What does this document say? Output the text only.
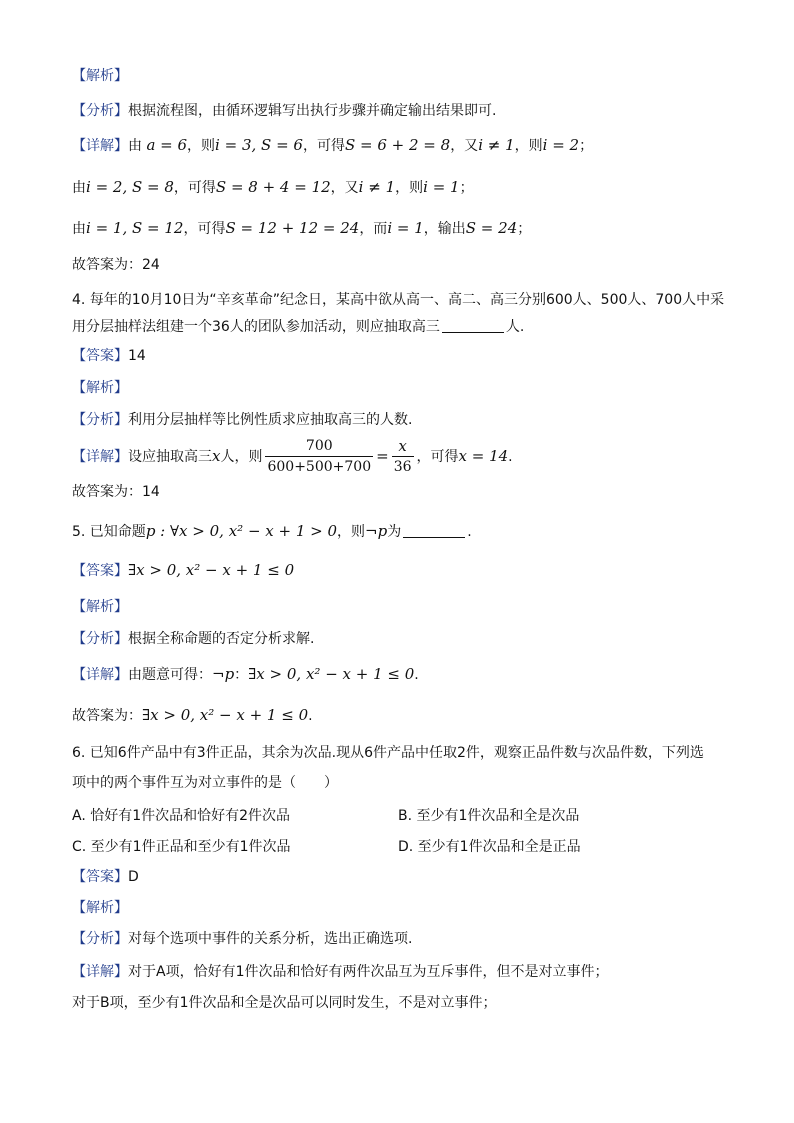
【解析】
【分析】根据流程图，由循环逻辑写出执行步骤并确定输出结果即可.
【详解】由 a = 6，则i = 3, S = 6，可得S = 6 + 2 = 8，又i ≠ 1，则i = 2；
由i = 2, S = 8，可得S = 8 + 4 = 12，又i ≠ 1，则i = 1；
由i = 1, S = 12，可得S = 12 + 12 = 24，而i = 1，输出S = 24；
故答案为：24
4. 每年的10月10日为“辛亥革命”纪念日，某高中欲从高一、高二、高三分别600人、500人、700人中采
用分层抽样法组建一个36人的团队参加活动，则应抽取高三	人.
【答案】14
【解析】
【分析】利用分层抽样等比例性质求应抽取高三的人数.
【详解】设应抽取高三x人，则 $\frac{700}{600+500+700} = \frac{x}{36}$ ，可得x = 14.
故答案为：14
5. 已知命题p : ∀x > 0, x² − x + 1 > 0，则¬p为	.
【答案】∃x > 0, x² − x + 1 ≤ 0
【解析】
【分析】根据全称命题的否定分析求解.
【详解】由题意可得：¬p：∃x > 0, x² − x + 1 ≤ 0.
故答案为：∃x > 0, x² − x + 1 ≤ 0.
6. 已知6件产品中有3件正品，其余为次品.现从6件产品中任取2件，观察正品件数与次品件数，下列选
项中的两个事件互为对立事件的是（　　）
A. 恰好有1件次品和恰好有2件次品	B. 至少有1件次品和全是次品
C. 至少有1件正品和至少有1件次品	D. 至少有1件次品和全是正品
【答案】D
【解析】
【分析】对每个选项中事件的关系分析，选出正确选项.
【详解】对于A项，恰好有1件次品和恰好有两件次品互为互斥事件，但不是对立事件；
对于B项，至少有1件次品和全是次品可以同时发生，不是对立事件；
